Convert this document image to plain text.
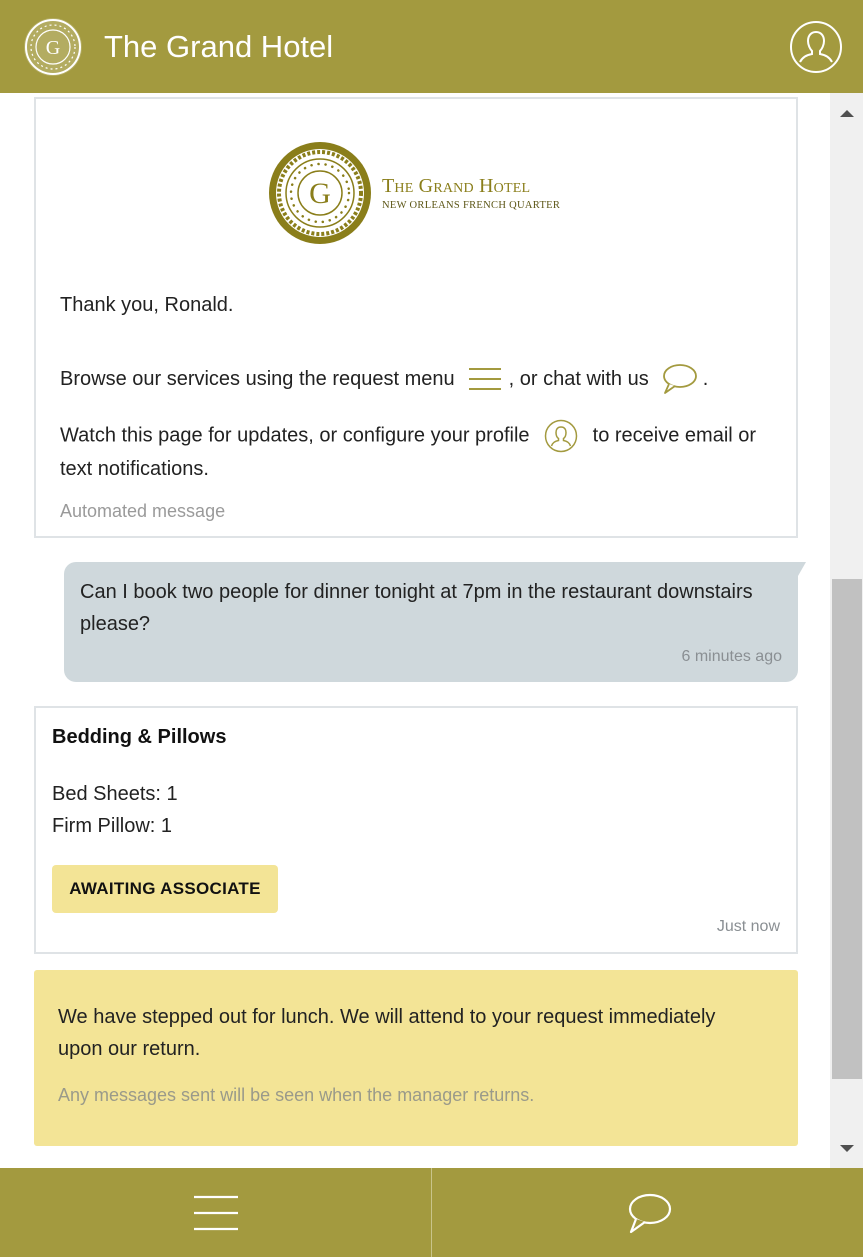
G The Grand Hotel
G	The Grand Hotel
NEW ORLEANS FRENCH QUARTER
Thank you, Ronald.
Browse our services using the request menu	, or chat with us	.
Watch this page for updates, or configure your profile	to receive email or text notifications.
Automated message
Can I book two people for dinner tonight at 7pm in the restaurant downstairs please?
6 minutes ago
Bedding & Pillows
Bed Sheets: 1
Firm Pillow: 1
AWAITING ASSOCIATE
Just now
We have stepped out for lunch. We will attend to your request immediately upon our return.
Any messages sent will be seen when the manager returns.
